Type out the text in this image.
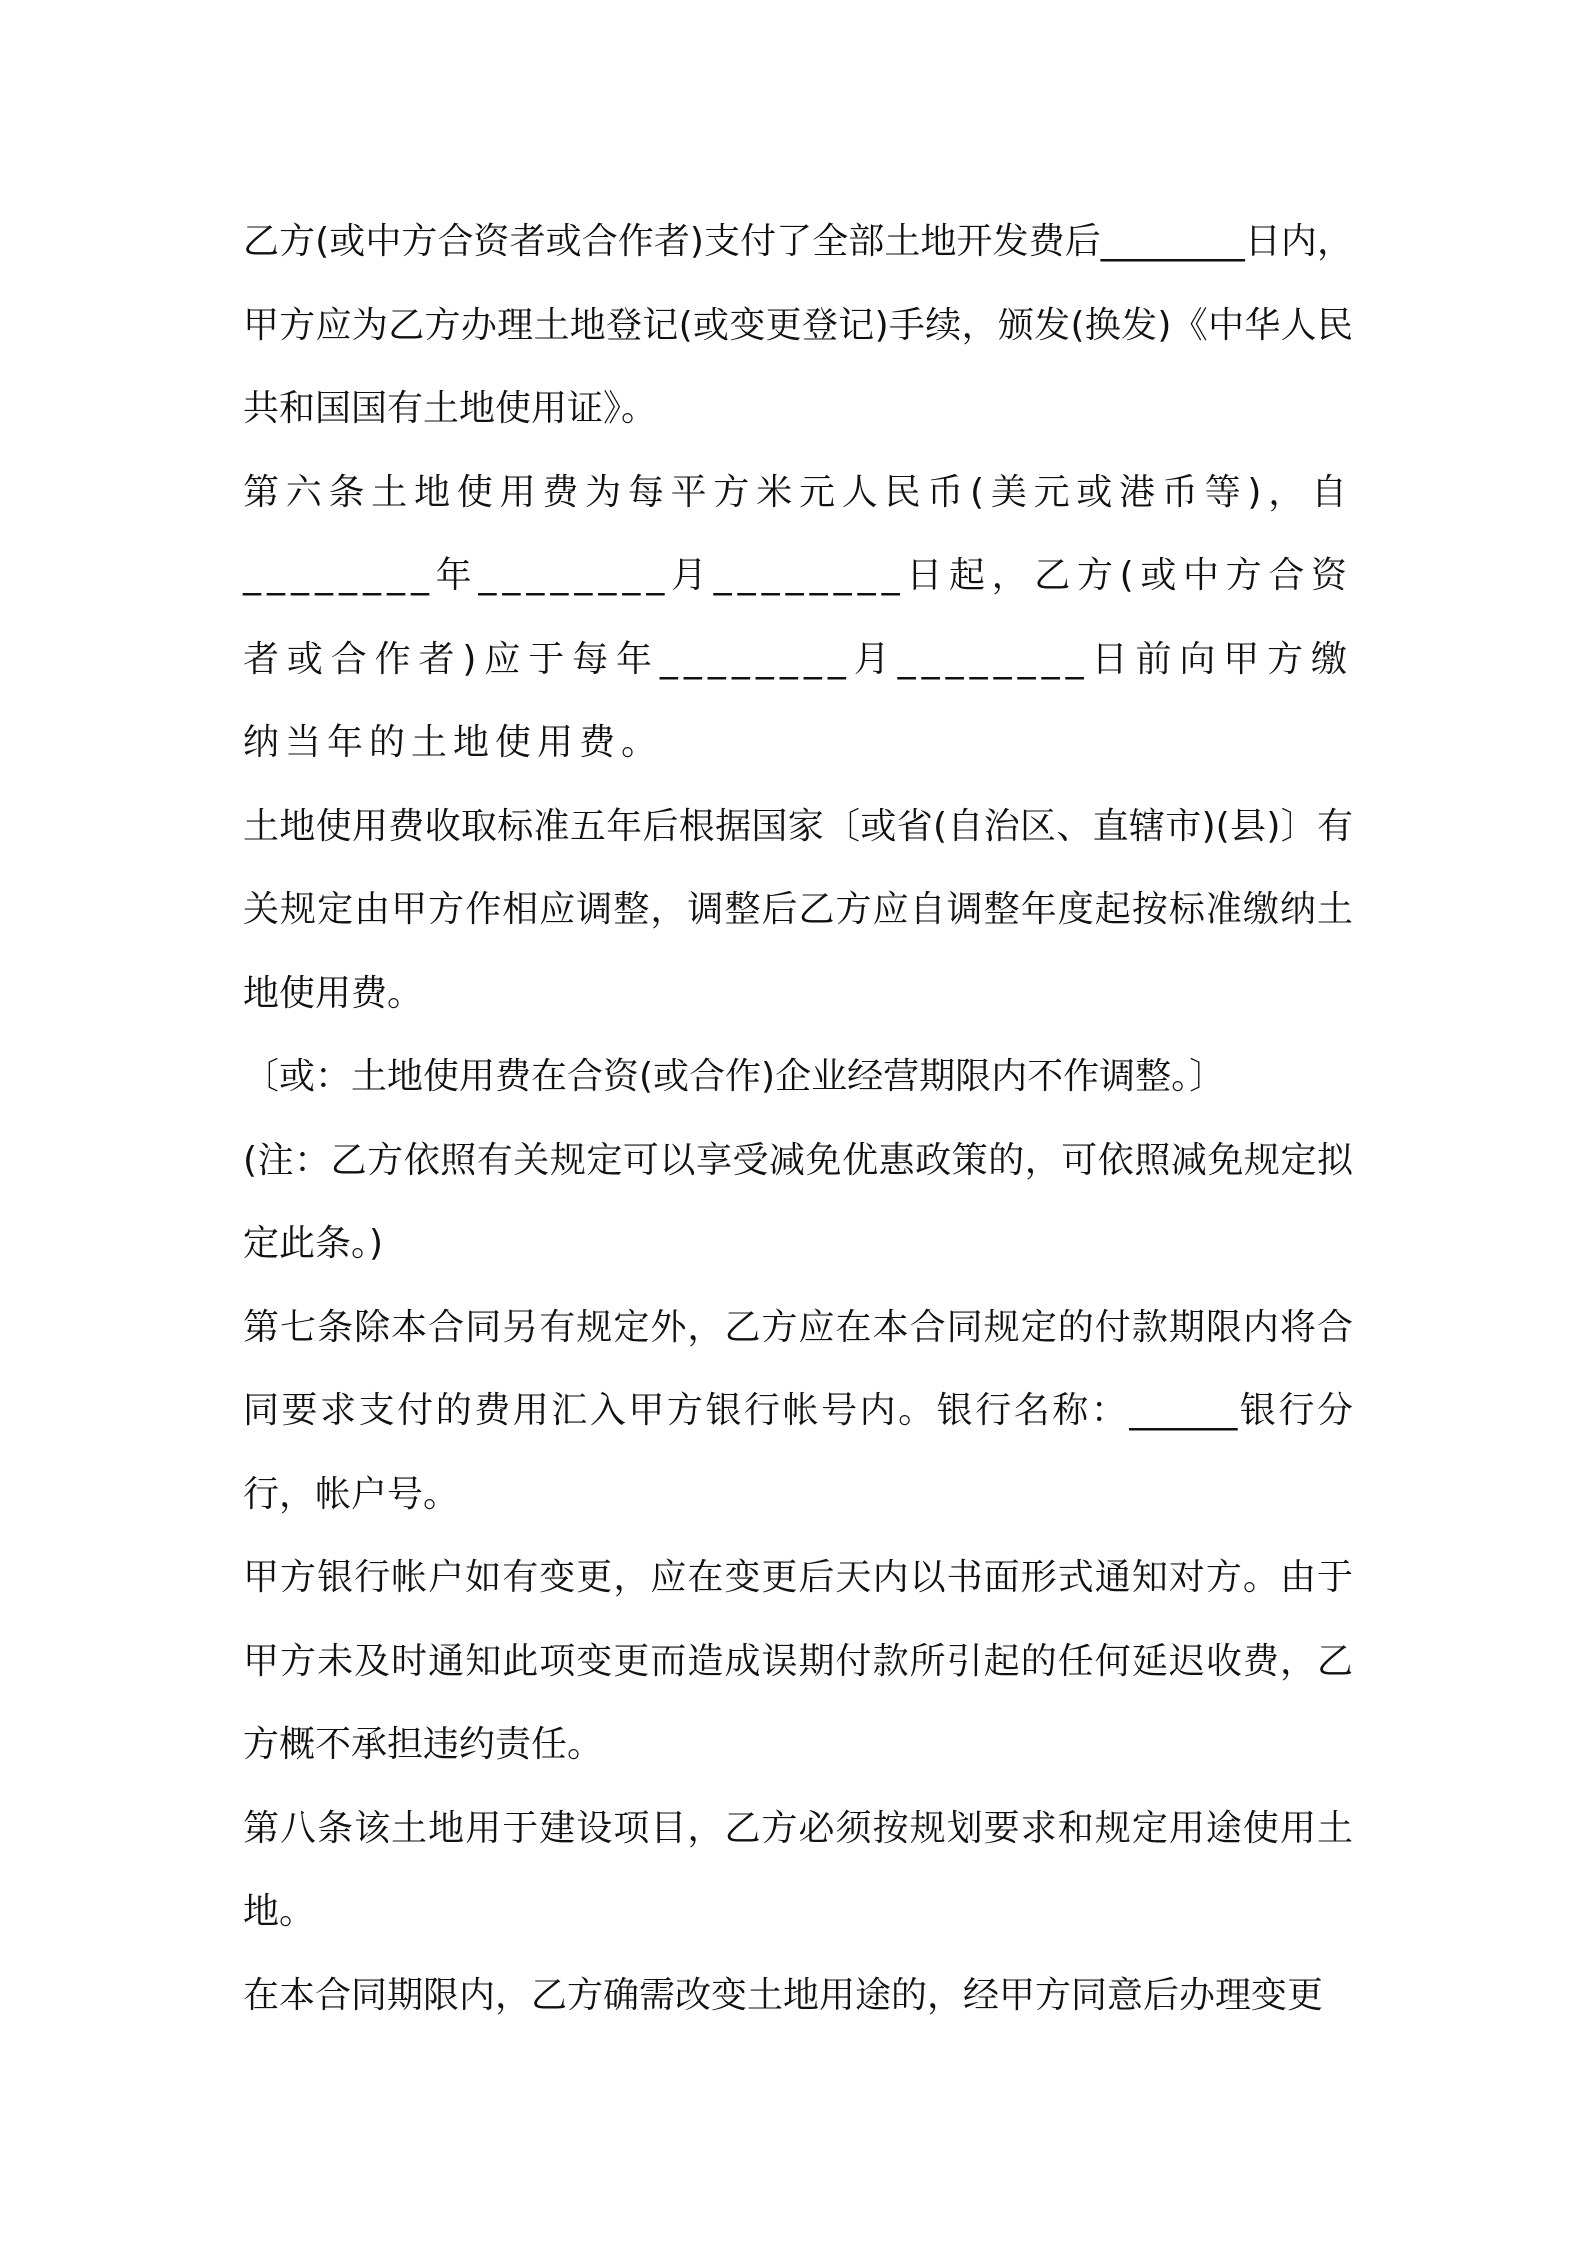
乙方(或中方合资者或合作者)支付了全部土地开发费后________日内，甲方应为乙方办理土地登记(或变更登记)手续，颁发(换发)《中华人民共和国国有土地使用证》。

第六条土地使用费为每平方米元人民币(美元或港币等)，自________年________月________日起，乙方(或中方合资者或合作者)应于每年________月________日前向甲方缴纳当年的土地使用费。

土地使用费收取标准五年后根据国家〔或省(自治区、直辖市)(县)〕有关规定由甲方作相应调整，调整后乙方应自调整年度起按标准缴纳土地使用费。

〔或：土地使用费在合资(或合作)企业经营期限内不作调整。〕

(注：乙方依照有关规定可以享受减免优惠政策的，可依照减免规定拟定此条。)

第七条除本合同另有规定外，乙方应在本合同规定的付款期限内将合同要求支付的费用汇入甲方银行帐号内。银行名称：______银行分行，帐户号。

甲方银行帐户如有变更，应在变更后天内以书面形式通知对方。由于甲方未及时通知此项变更而造成误期付款所引起的任何延迟收费，乙方概不承担违约责任。

第八条该土地用于建设项目，乙方必须按规划要求和规定用途使用土地。

在本合同期限内，乙方确需改变土地用途的，经甲方同意后办理变更
